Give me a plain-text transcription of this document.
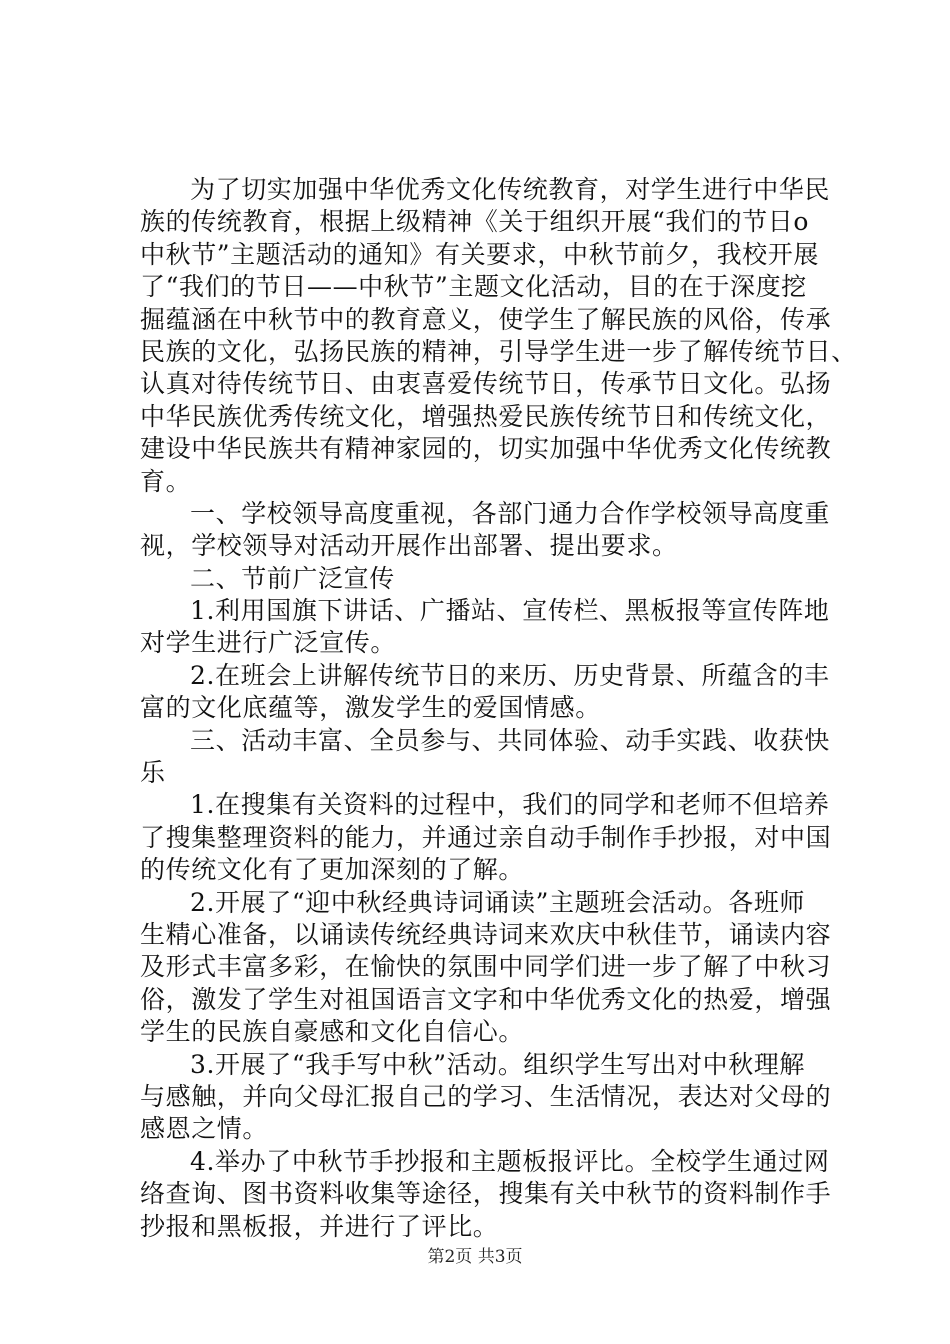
为了切实加强中华优秀文化传统教育，对学生进行中华民
族的传统教育，根据上级精神《关于组织开展“我们的节日o
中秋节”主题活动的通知》有关要求，中秋节前夕，我校开展
了“我们的节日——中秋节”主题文化活动，目的在于深度挖
掘蕴涵在中秋节中的教育意义，使学生了解民族的风俗，传承
民族的文化，弘扬民族的精神，引导学生进一步了解传统节日、
认真对待传统节日、由衷喜爱传统节日，传承节日文化。弘扬
中华民族优秀传统文化，增强热爱民族传统节日和传统文化，
建设中华民族共有精神家园的，切实加强中华优秀文化传统教
育。
一、学校领导高度重视，各部门通力合作学校领导高度重
视，学校领导对活动开展作出部署、提出要求。
二、节前广泛宣传
1.利用国旗下讲话、广播站、宣传栏、黑板报等宣传阵地
对学生进行广泛宣传。
2.在班会上讲解传统节日的来历、历史背景、所蕴含的丰
富的文化底蕴等，激发学生的爱国情感。
三、活动丰富、全员参与、共同体验、动手实践、收获快
乐
1.在搜集有关资料的过程中，我们的同学和老师不但培养
了搜集整理资料的能力，并通过亲自动手制作手抄报，对中国
的传统文化有了更加深刻的了解。
2.开展了“迎中秋经典诗词诵读”主题班会活动。各班师
生精心准备，以诵读传统经典诗词来欢庆中秋佳节，诵读内容
及形式丰富多彩，在愉快的氛围中同学们进一步了解了中秋习
俗，激发了学生对祖国语言文字和中华优秀文化的热爱，增强
学生的民族自豪感和文化自信心。
3.开展了“我手写中秋”活动。组织学生写出对中秋理解
与感触，并向父母汇报自己的学习、生活情况，表达对父母的
感恩之情。
4.举办了中秋节手抄报和主题板报评比。全校学生通过网
络查询、图书资料收集等途径，搜集有关中秋节的资料制作手
抄报和黑板报，并进行了评比。
第2页 共3页
